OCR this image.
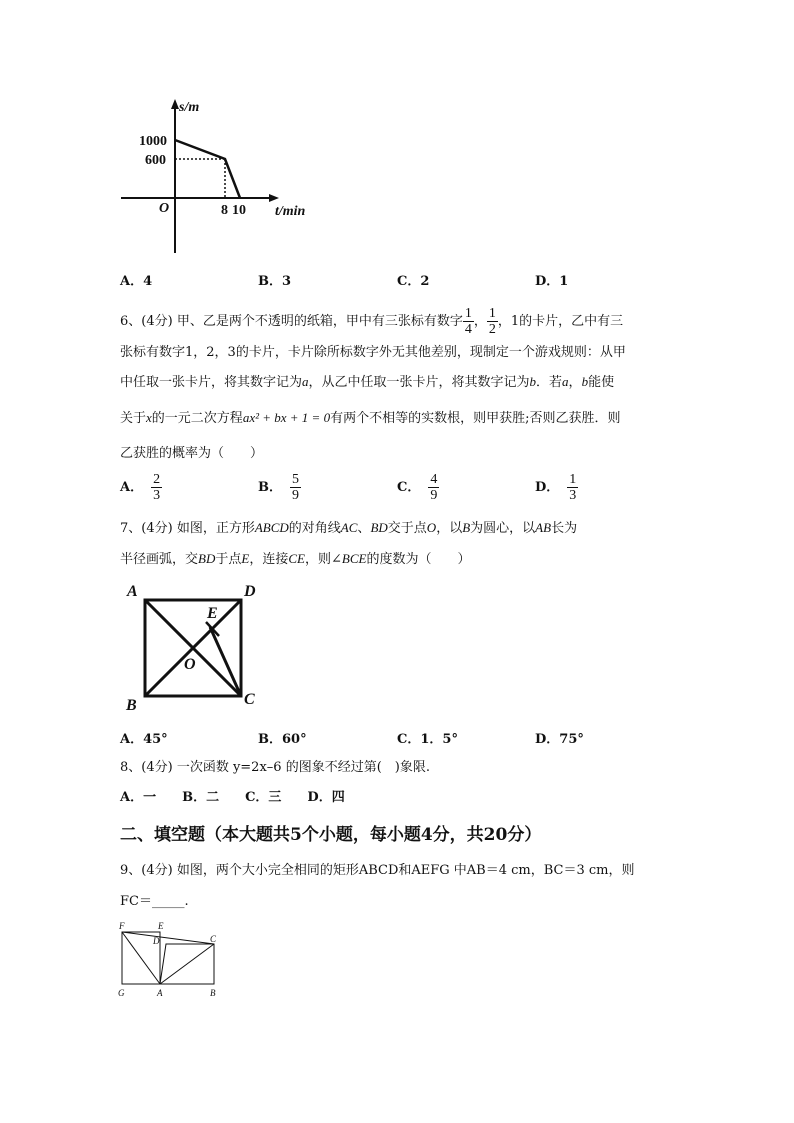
s/m
1000
600
O	8 10 t/min
A．4	B．3	C．2	D．1
6、(4分) 甲、乙是两个不透明的纸箱，甲中有三张标有数字 $\frac{1}{4}$ ， $\frac{1}{2}$ ，1的卡片，乙中有三
张标有数字1，2，3的卡片，卡片除所标数字外无其他差别，现制定一个游戏规则：从甲
中任取一张卡片，将其数字记为a，从乙中任取一张卡片，将其数字记为b．若a，b能使
关于x的一元二次方程ax² + bx + 1 = 0有两个不相等的实数根，则甲获胜;否则乙获胜．则
乙获胜的概率为（　　）
A． $\frac{2}{3}$	B． $\frac{5}{9}$	C． $\frac{4}{9}$	D． $\frac{1}{3}$
7、(4分) 如图，正方形ABCD的对角线AC、BD交于点O，以B为圆心，以AB长为
半径画弧，交BD于点E，连接CE，则∠BCE的度数为（　　）
A	D
E
O
B	C
A．45°	B．60°	C．1．5°	D．75°
8、(4分) 一次函数 y=2x–6 的图象不经过第(　)象限.
A．一　　B．二　　C．三　　D．四
二、填空题（本大题共5个小题，每小题4分，共20分）
9、(4分) 如图，两个大小完全相同的矩形ABCD和AEFG 中AB＝4 cm，BC＝3 cm，则
FC＝_____.
F	E
D	C
G	A	B
